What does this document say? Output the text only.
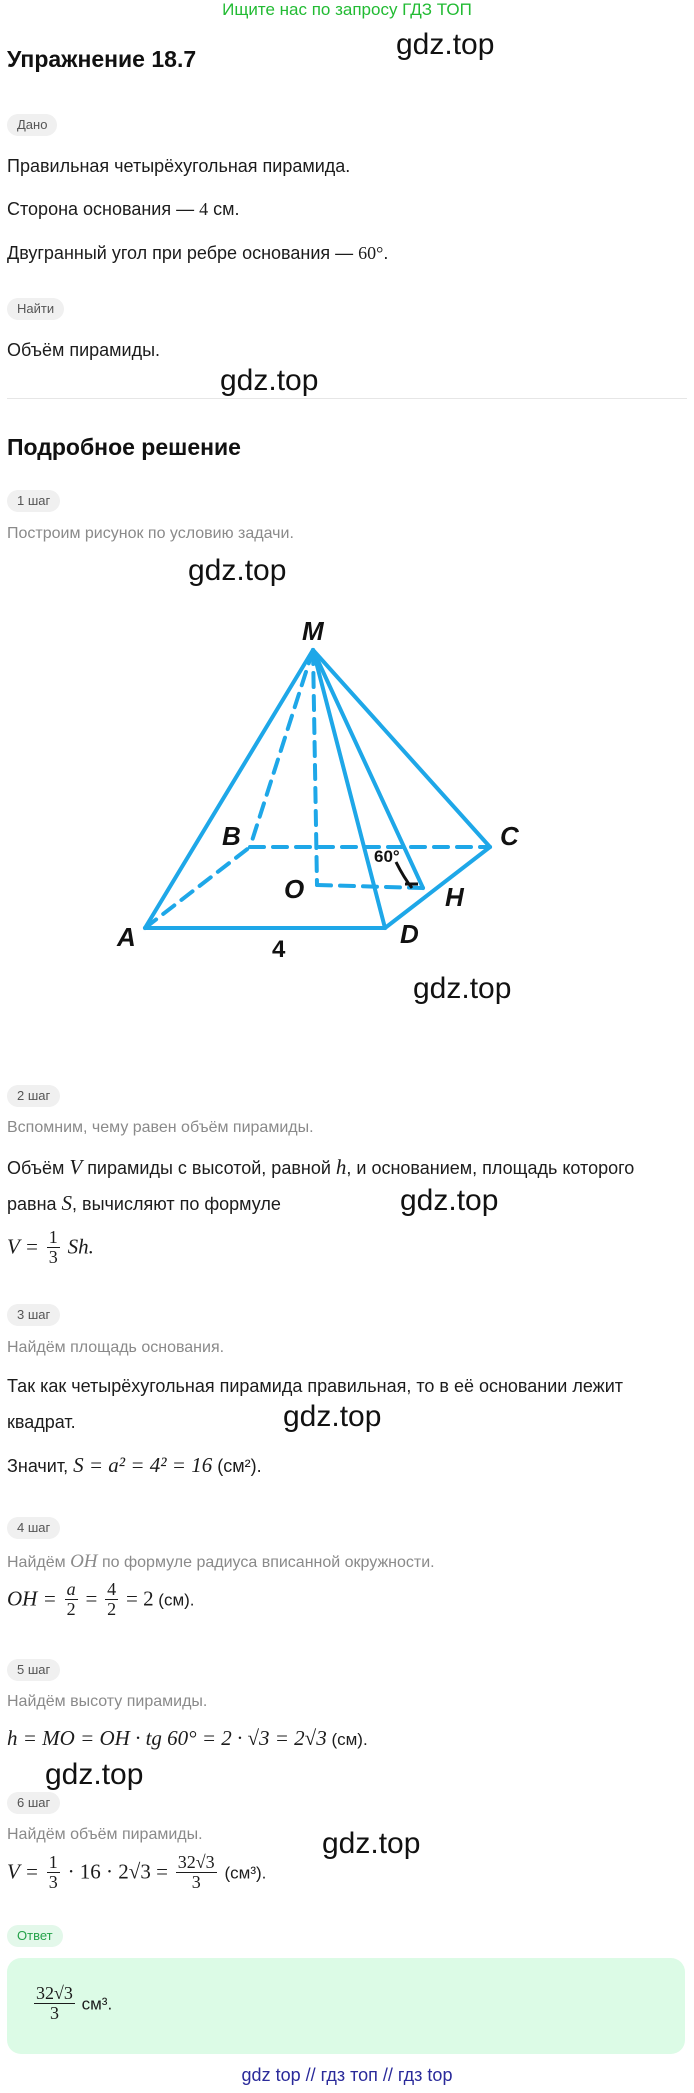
Ищите нас по запросу ГДЗ ТОП
Упражнение 18.7	gdz.top
Дано
Правильная четырёхугольная пирамида.
Сторона основания — 4 см.
Двугранный угол при ребре основания — 60°.
Найти
Объём пирамиды.
gdz.top
Подробное решение
1 шаг
Построим рисунок по условию задачи.
gdz.top
M
B	C
O	H
A	D
4
60°
gdz.top
2 шаг
Вспомним, чему равен объём пирамиды.
Объём V пирамиды с высотой, равной h, и основанием, площадь которого
равна S, вычисляют по формуле	gdz.top
$V = \frac{1}{3} Sh$.
3 шаг
Найдём площадь основания.
Так как четырёхугольная пирамида правильная, то в её основании лежит
квадрат.	gdz.top
Значит, S = a² = 4² = 16 (см²).
4 шаг
Найдём OH по формуле радиуса вписанной окружности.
OH = $\frac{a}{2} = \frac{4}{2} = 2$ (см).
5 шаг
Найдём высоту пирамиды.
h = MO = OH · tg 60° = 2 · √3 = 2√3 (см).
gdz.top
6 шаг
Найдём объём пирамиды.	gdz.top
$V = \frac{1}{3} \cdot 16 \cdot 2√3 = \frac{32√3}{3} (см^3)$.
Ответ
$\frac{32√3}{3} см^3$.
gdz top // гдз топ // гдз top
